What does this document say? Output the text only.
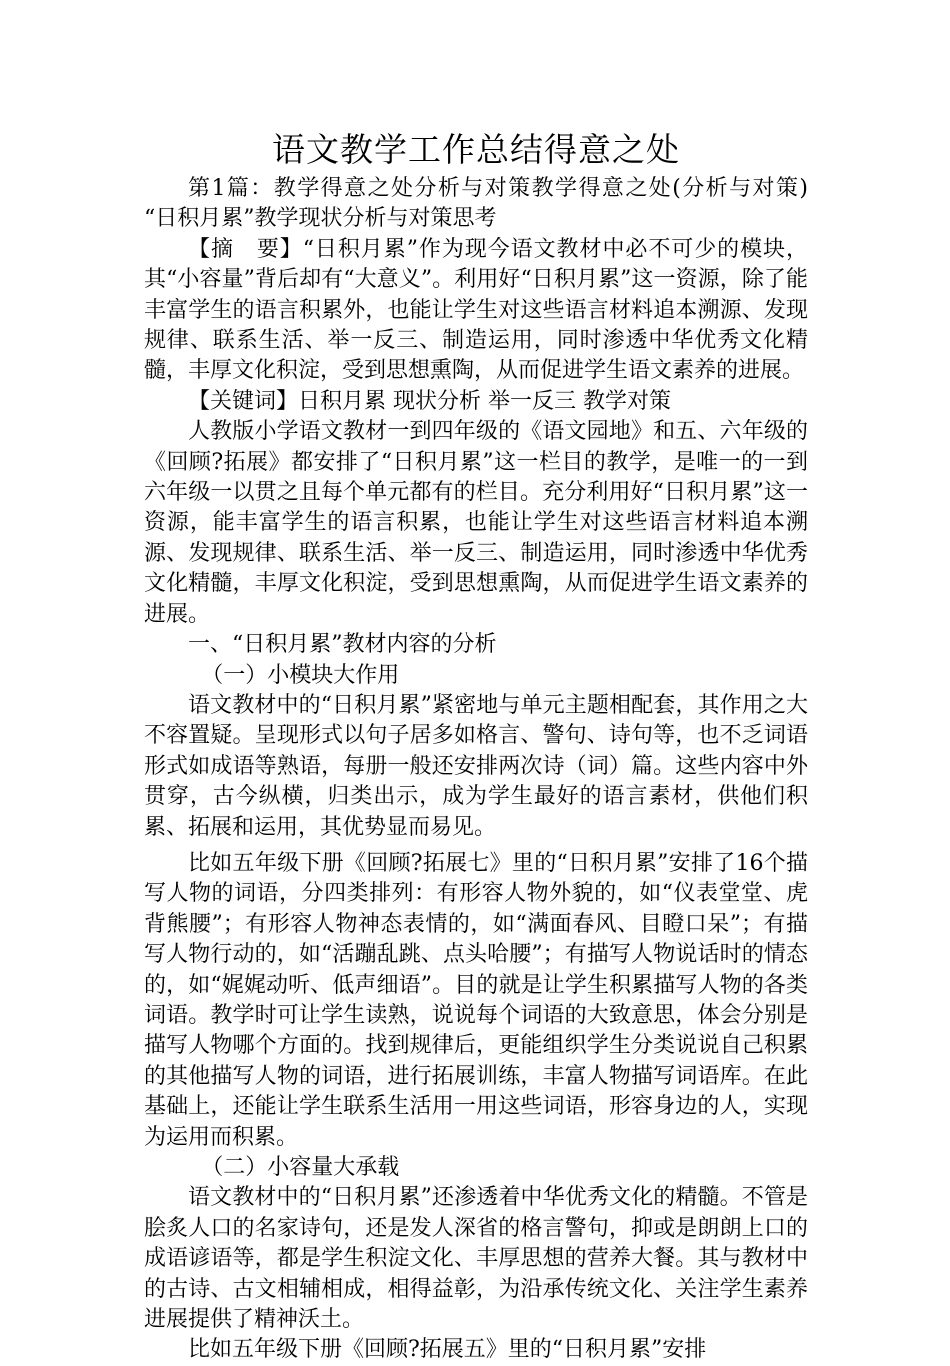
语文教学工作总结得意之处

第1篇：教学得意之处分析与对策教学得意之处(分析与对策) “日积月累”教学现状分析与对策思考

【摘　要】“日积月累”作为现今语文教材中必不可少的模块，其“小容量”背后却有“大意义”。利用好“日积月累”这一资源，除了能丰富学生的语言积累外，也能让学生对这些语言材料追本溯源、发现规律、联系生活、举一反三、制造运用，同时渗透中华优秀文化精髓，丰厚文化积淀，受到思想熏陶，从而促进学生语文素养的进展。

【关键词】日积月累 现状分析 举一反三 教学对策

人教版小学语文教材一到四年级的《语文园地》和五、六年级的《回顾?拓展》都安排了“日积月累”这一栏目的教学，是唯一的一到六年级一以贯之且每个单元都有的栏目。充分利用好“日积月累”这一资源，能丰富学生的语言积累，也能让学生对这些语言材料追本溯源、发现规律、联系生活、举一反三、制造运用，同时渗透中华优秀文化精髓，丰厚文化积淀，受到思想熏陶，从而促进学生语文素养的进展。

一、“日积月累”教材内容的分析

（一）小模块大作用

语文教材中的“日积月累”紧密地与单元主题相配套，其作用之大不容置疑。呈现形式以句子居多如格言、警句、诗句等，也不乏词语形式如成语等熟语，每册一般还安排两次诗（词）篇。这些内容中外贯穿，古今纵横，归类出示，成为学生最好的语言素材，供他们积累、拓展和运用，其优势显而易见。

比如五年级下册《回顾?拓展七》里的“日积月累”安排了16个描写人物的词语，分四类排列：有形容人物外貌的，如“仪表堂堂、虎背熊腰”；有形容人物神态表情的，如“满面春风、目瞪口呆”；有描写人物行动的，如“活蹦乱跳、点头哈腰”；有描写人物说话时的情态的，如“娓娓动听、低声细语”。目的就是让学生积累描写人物的各类词语。教学时可让学生读熟，说说每个词语的大致意思，体会分别是描写人物哪个方面的。找到规律后，更能组织学生分类说说自己积累的其他描写人物的词语，进行拓展训练，丰富人物描写词语库。在此基础上，还能让学生联系生活用一用这些词语，形容身边的人，实现为运用而积累。

（二）小容量大承载

语文教材中的“日积月累”还渗透着中华优秀文化的精髓。不管是脍炙人口的名家诗句，还是发人深省的格言警句，抑或是朗朗上口的成语谚语等，都是学生积淀文化、丰厚思想的营养大餐。其与教材中的古诗、古文相辅相成，相得益彰，为沿承传统文化、关注学生素养进展提供了精神沃土。

比如五年级下册《回顾?拓展五》里的“日积月累”安排
